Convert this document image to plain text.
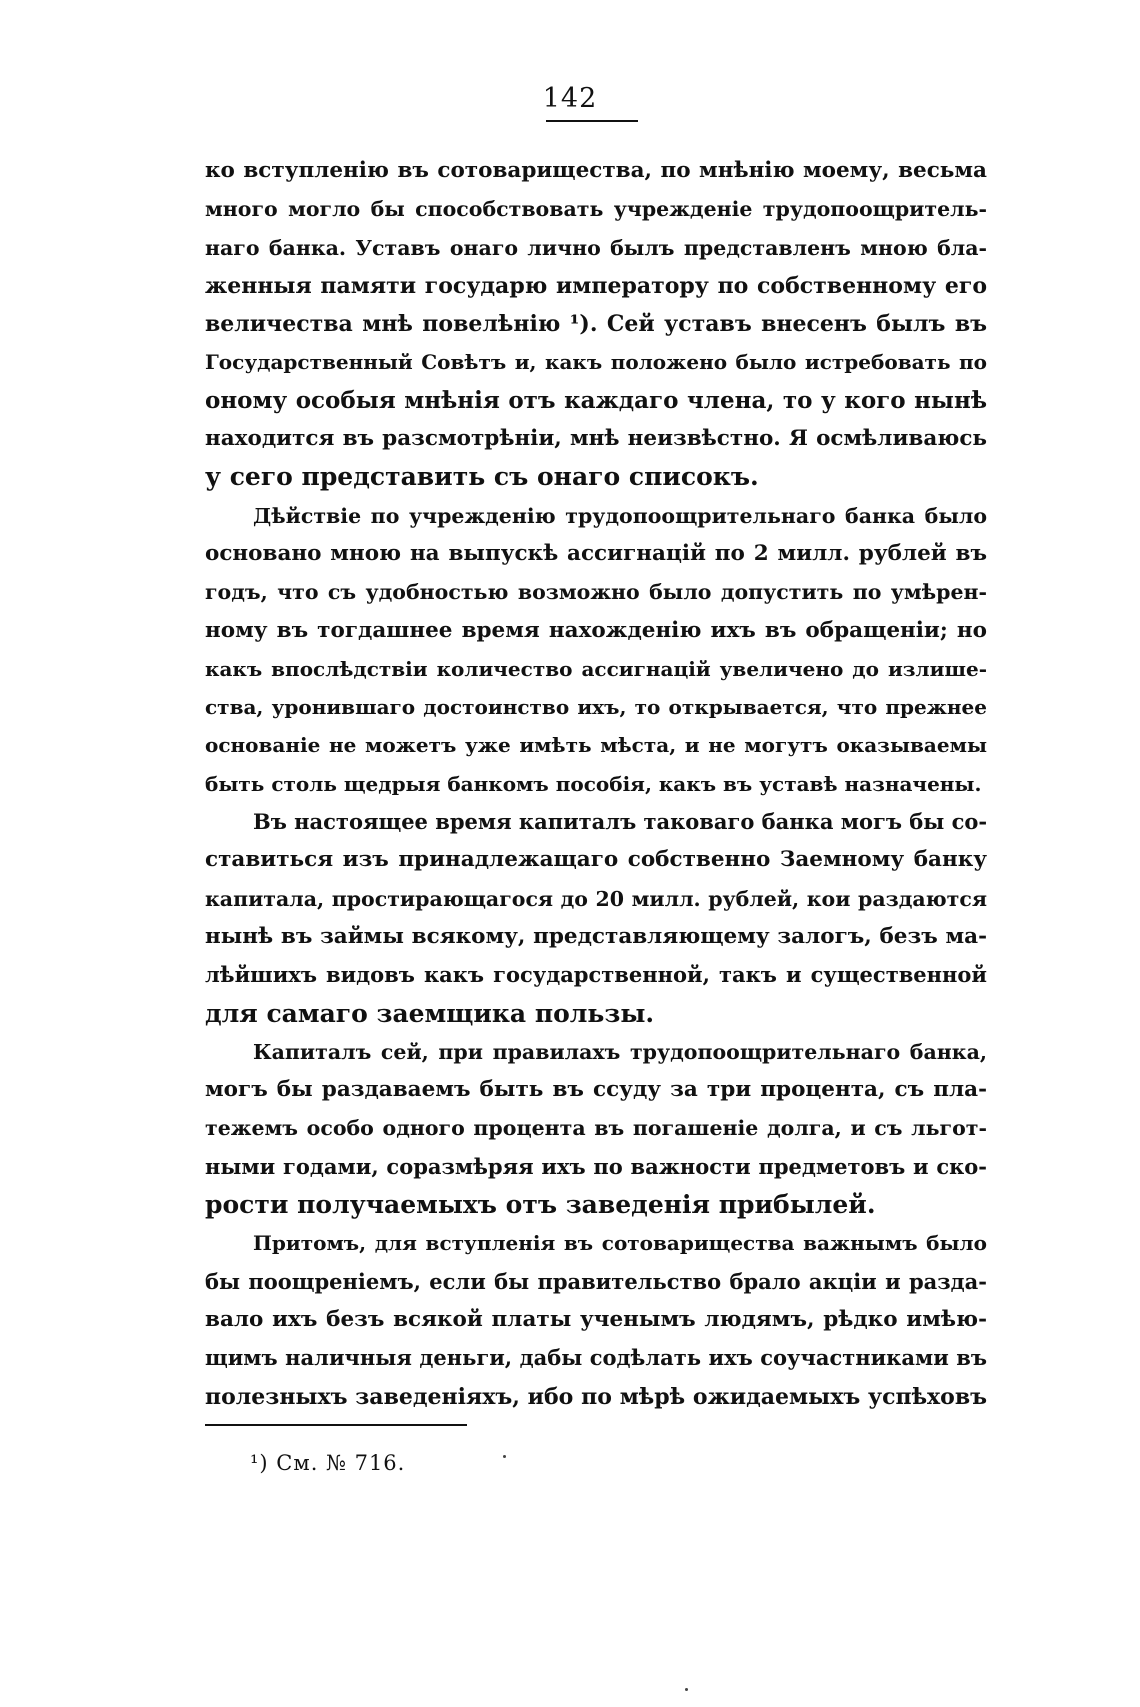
142
ко вступленiю въ сотоварищества, по мнѣнiю моему, весьма
много могло бы способствовать учрежденiе трудопоощритель-
наго банка. Уставъ онаго лично былъ представленъ мною бла-
женныя памяти государю императору по собственному его
величества мнѣ повелѣнiю ¹). Сей уставъ внесенъ былъ въ
Государственный Совѣтъ и, какъ положено было истребовать по
оному особыя мнѣнiя отъ каждаго члена, то у кого нынѣ
находится въ разсмотрѣнiи, мнѣ неизвѣстно. Я осмѣливаюсь
у сего представить съ онаго списокъ.
Дѣйствiе по учрежденiю трудопоощрительнаго банка было
основано мною на выпускѣ ассигнацiй по 2 милл. рублей въ
годъ, что съ удобностью возможно было допустить по умѣрен-
ному въ тогдашнее время нахожденiю ихъ въ обращенiи; но
какъ впослѣдствiи количество ассигнацiй увеличено до излише-
ства, уронившаго достоинство ихъ, то открывается, что прежнее
основанiе не можетъ уже имѣть мѣста, и не могутъ оказываемы
быть столь щедрыя банкомъ пособiя, какъ въ уставѣ назначены.
Въ настоящее время капиталъ таковаго банка могъ бы со-
ставиться изъ принадлежащаго собственно Заемному банку
капитала, простирающагося до 20 милл. рублей, кои раздаются
нынѣ въ займы всякому, представляющему залогъ, безъ ма-
лѣйшихъ видовъ какъ государственной, такъ и существенной
для самаго заемщика пользы.
Капиталъ сей, при правилахъ трудопоощрительнаго банка,
могъ бы раздаваемъ быть въ ссуду за три процента, съ пла-
тежемъ особо одного процента въ погашенiе долга, и съ льгот-
ными годами, соразмѣряя ихъ по важности предметовъ и ско-
рости получаемыхъ отъ заведенiя прибылей.
Притомъ, для вступленiя въ сотоварищества важнымъ было
бы поощренiемъ, если бы правительство брало акцiи и разда-
вало ихъ безъ всякой платы ученымъ людямъ, рѣдко имѣю-
щимъ наличныя деньги, дабы содѣлать ихъ соучастниками въ
полезныхъ заведенiяхъ, ибо по мѣрѣ ожидаемыхъ успѣховъ
¹) См. № 716.
